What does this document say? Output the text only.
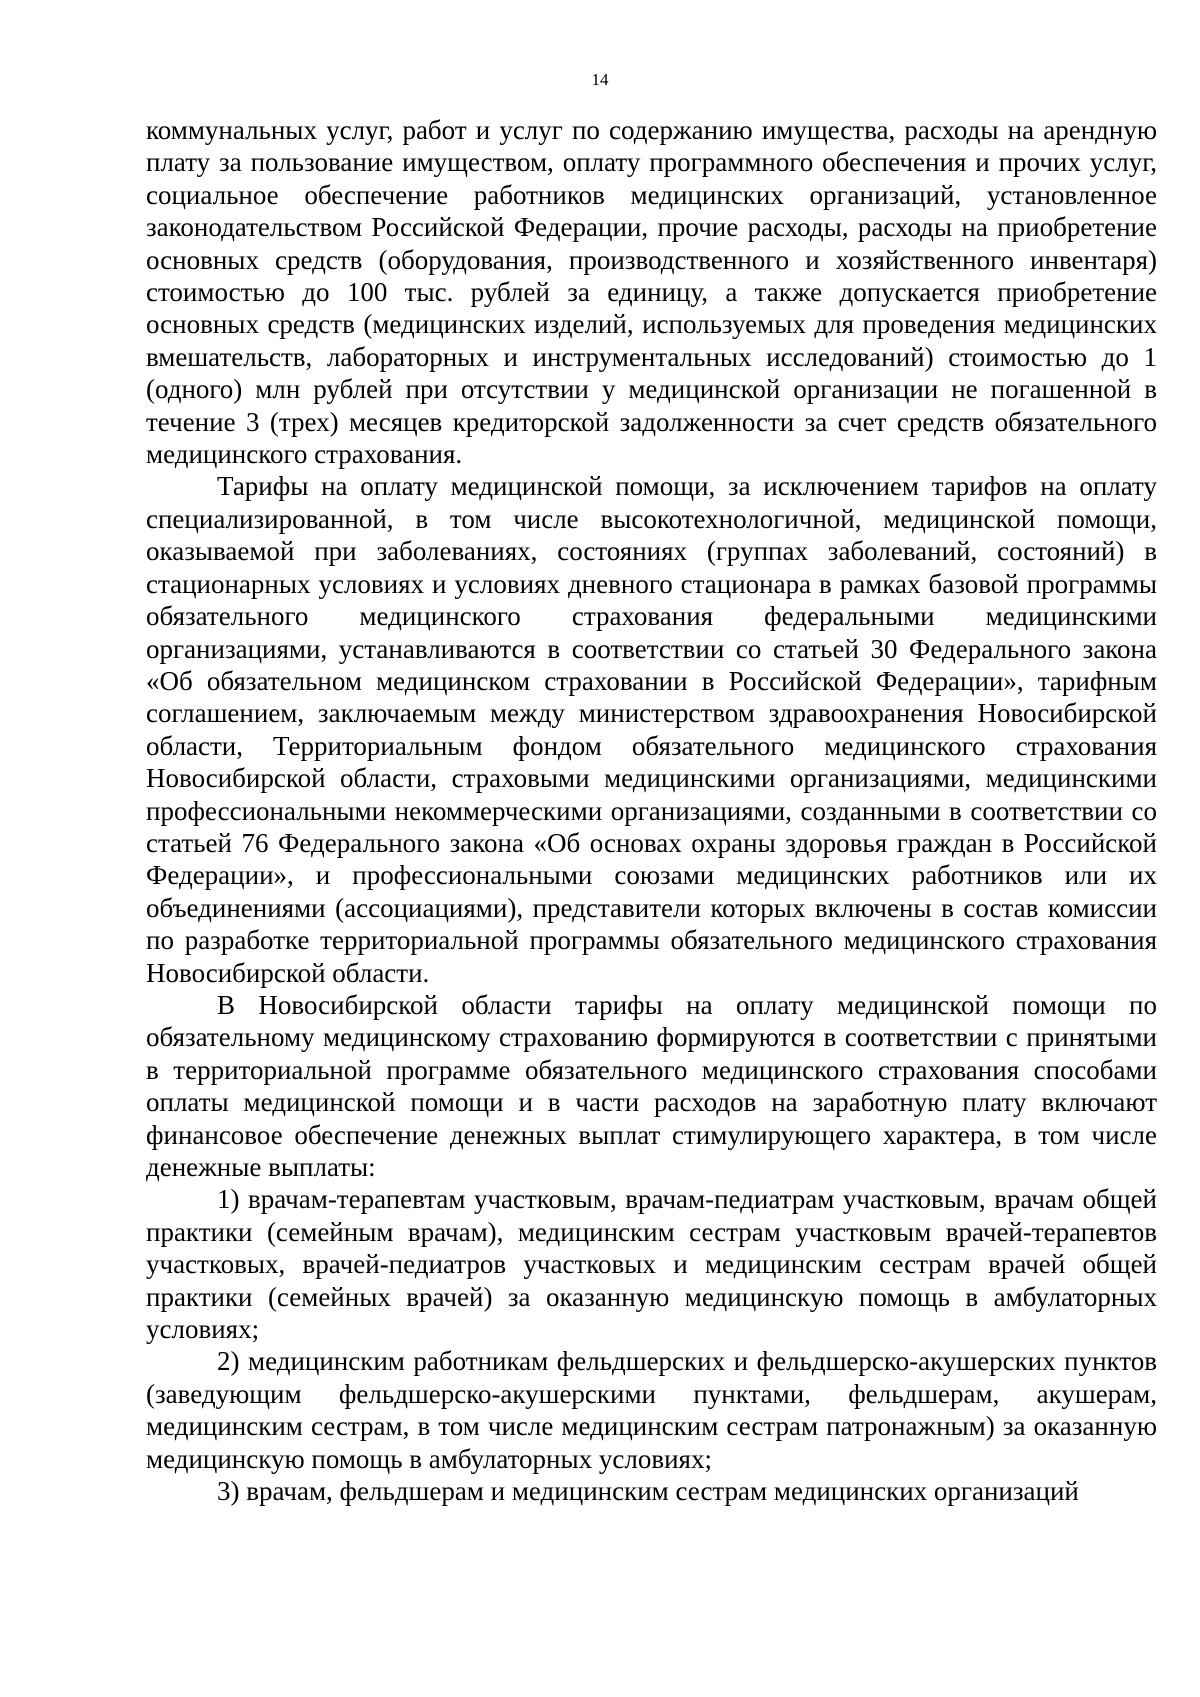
14

коммунальных услуг, работ и услуг по содержанию имущества, расходы на арендную плату за пользование имуществом, оплату программного обеспечения и прочих услуг, социальное обеспечение работников медицинских организаций, установленное законодательством Российской Федерации, прочие расходы, расходы на приобретение основных средств (оборудования, производственного и хозяйственного инвентаря) стоимостью до 100 тыс. рублей за единицу, а также допускается приобретение основных средств (медицинских изделий, используемых для проведения медицинских вмешательств, лабораторных и инструментальных исследований) стоимостью до 1 (одного) млн рублей при отсутствии у медицинской организации не погашенной в течение 3 (трех) месяцев кредиторской задолженности за счет средств обязательного медицинского страхования.

Тарифы на оплату медицинской помощи, за исключением тарифов на оплату специализированной, в том числе высокотехнологичной, медицинской помощи, оказываемой при заболеваниях, состояниях (группах заболеваний, состояний) в стационарных условиях и условиях дневного стационара в рамках базовой программы обязательного медицинского страхования федеральными медицинскими организациями, устанавливаются в соответствии со статьей 30 Федерального закона «Об обязательном медицинском страховании в Российской Федерации», тарифным соглашением, заключаемым между министерством здравоохранения Новосибирской области, Территориальным фондом обязательного медицинского страхования Новосибирской области, страховыми медицинскими организациями, медицинскими профессиональными некоммерческими организациями, созданными в соответствии со статьей 76 Федерального закона «Об основах охраны здоровья граждан в Российской Федерации», и профессиональными союзами медицинских работников или их объединениями (ассоциациями), представители которых включены в состав комиссии по разработке территориальной программы обязательного медицинского страхования Новосибирской области.

В Новосибирской области тарифы на оплату медицинской помощи по обязательному медицинскому страхованию формируются в соответствии с принятыми в территориальной программе обязательного медицинского страхования способами оплаты медицинской помощи и в части расходов на заработную плату включают финансовое обеспечение денежных выплат стимулирующего характера, в том числе денежные выплаты:

1) врачам-терапевтам участковым, врачам-педиатрам участковым, врачам общей практики (семейным врачам), медицинским сестрам участковым врачей-терапевтов участковых, врачей-педиатров участковых и медицинским сестрам врачей общей практики (семейных врачей) за оказанную медицинскую помощь в амбулаторных условиях;

2) медицинским работникам фельдшерских и фельдшерско-акушерских пунктов (заведующим фельдшерско-акушерскими пунктами, фельдшерам, акушерам, медицинским сестрам, в том числе медицинским сестрам патронажным) за оказанную медицинскую помощь в амбулаторных условиях;

3) врачам, фельдшерам и медицинским сестрам медицинских организаций
